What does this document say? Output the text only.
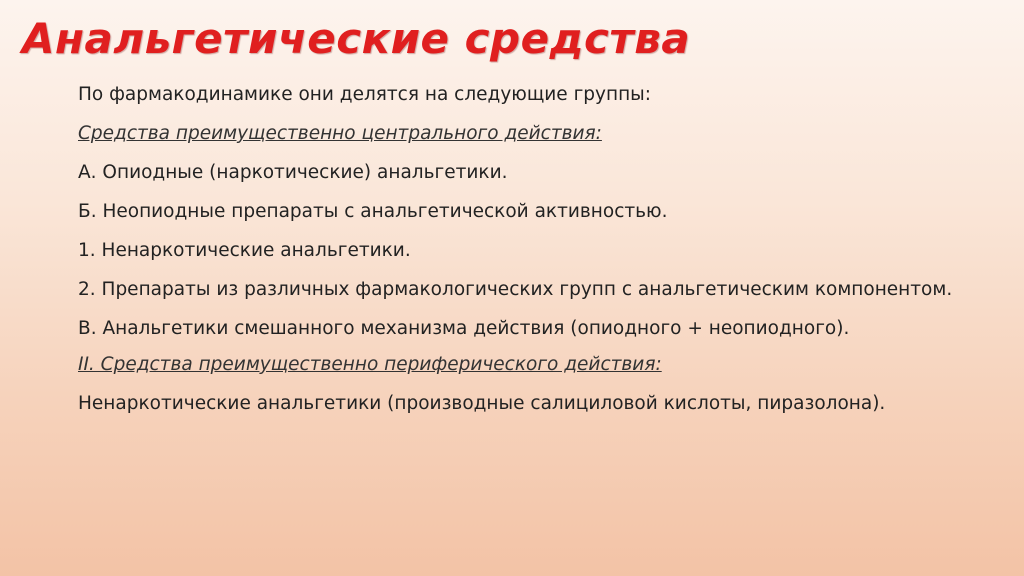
Анальгетические средства

По фармакодинамике они делятся на следующие группы:

Средства преимущественно центрального действия:

А. Опиодные (наркотические) анальгетики.

Б. Неопиодные препараты с анальгетической активностью.

1. Ненаркотические анальгетики.

2. Препараты из различных фармакологических групп с анальгетическим компонентом.

В. Анальгетики смешанного механизма действия (опиодного + неопиодного).

II. Средства преимущественно периферического действия:

Ненаркотические анальгетики (производные салициловой кислоты, пиразолона).
